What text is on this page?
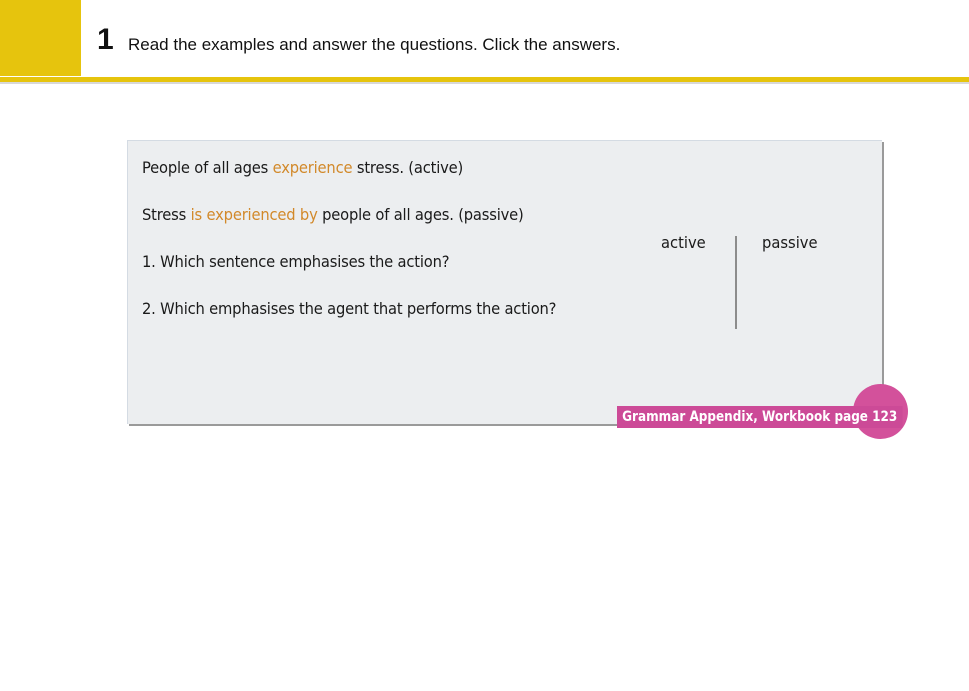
1 Read the examples and answer the questions. Click the answers.
People of all ages experience stress. (active)
Stress is experienced by people of all ages. (passive)
1. Which sentence emphasises the action?
2. Which emphasises the agent that performs the action?
active	passive
Grammar Appendix, Workbook page 123
